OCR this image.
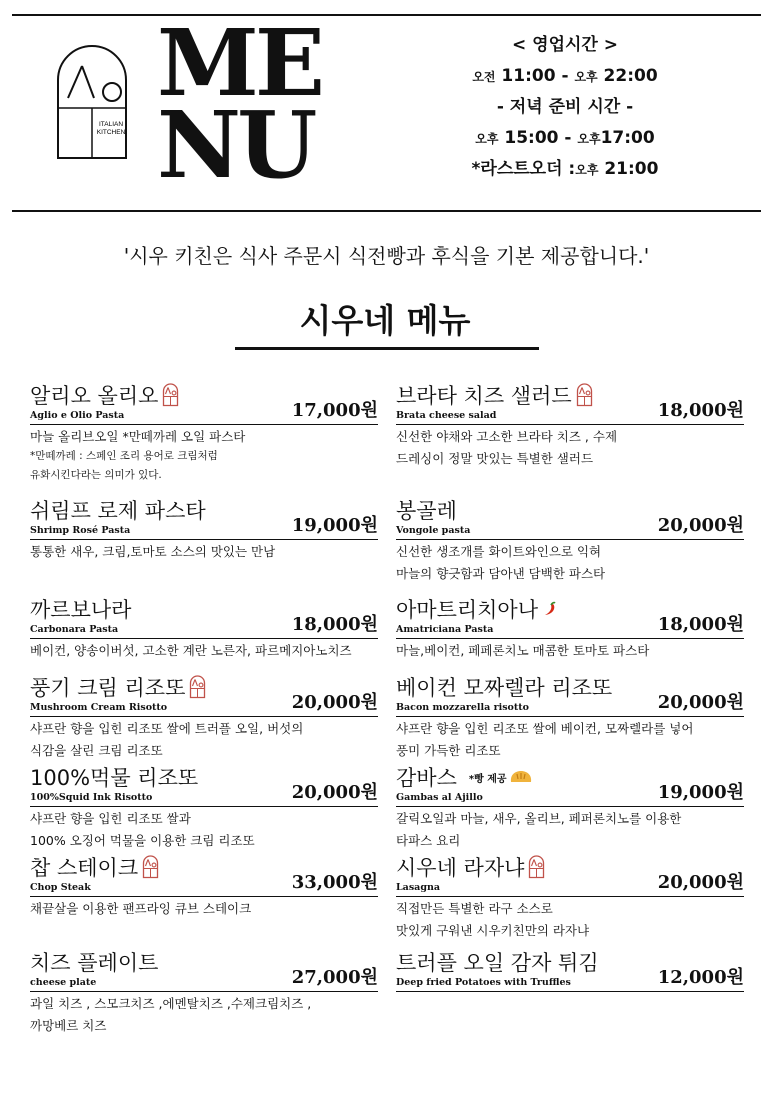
ITALIAN
KITCHEN
ME
NU
< 영업시간 >
오전 11:00 - 오후 22:00
- 저녁 준비 시간 -
오후 15:00 - 오후17:00
*라스트오더 :오후 21:00
'시우 키친은 식사 주문시 식전빵과 후식을 기본 제공합니다.'
시우네 메뉴
알리오 올리오
Aglio e Olio Pasta	17,000원
마늘 올리브오일 *만떼까레 오일 파스타
*만떼까레 : 스페인 조리 용어로 크림처럼
유화시킨다라는 의미가 있다.
쉬림프 로제 파스타
Shrimp Rosé Pasta	19,000원
통통한 새우, 크림,토마토 소스의 맛있는 만남
까르보나라
Carbonara Pasta	18,000원
베이컨, 양송이버섯, 고소한 계란 노른자, 파르메지아노치즈
풍기 크림 리조또
Mushroom Cream Risotto	20,000원
샤프란 향을 입힌 리조또 쌀에 트러플 오일, 버섯의
식감을 살린 크림 리조또
100%먹물 리조또
100%Squid Ink Risotto	20,000원
샤프란 향을 입힌 리조또 쌀과
100% 오징어 먹물을 이용한 크림 리조또
찹 스테이크
Chop Steak	33,000원
채끝살을 이용한 팬프라잉 큐브 스테이크
치즈 플레이트
cheese plate	27,000원
과일 치즈 , 스모크치즈 ,에멘탈치즈 ,수제크림치즈 ,
까망베르 치즈
브라타 치즈 샐러드
Brata cheese salad	18,000원
신선한 야채와 고소한 브라타 치즈 , 수제
드레싱이 정말 맛있는 특별한 샐러드
봉골레
Vongole pasta	20,000원
신선한 생조개를 화이트와인으로 익혀
마늘의 향긋함과 담아낸 담백한 파스타
아마트리치아나
Amatriciana Pasta	18,000원
마늘,베이컨, 페페론치노 매콤한 토마토 파스타
베이컨 모짜렐라 리조또
Bacon mozzarella risotto	20,000원
샤프란 향을 입힌 리조또 쌀에 베이컨, 모짜렐라를 넣어
풍미 가득한 리조또
감바스 *빵 제공
Gambas al Ajillo	19,000원
갈릭오일과 마늘, 새우, 올리브, 페퍼론치노를 이용한
타파스 요리
시우네 라자냐
Lasagna	20,000원
직접만든 특별한 라구 소스로
맛있게 구워낸 시우키친만의 라자냐
트러플 오일 감자 튀김
Deep fried Potatoes with Truffles	12,000원
